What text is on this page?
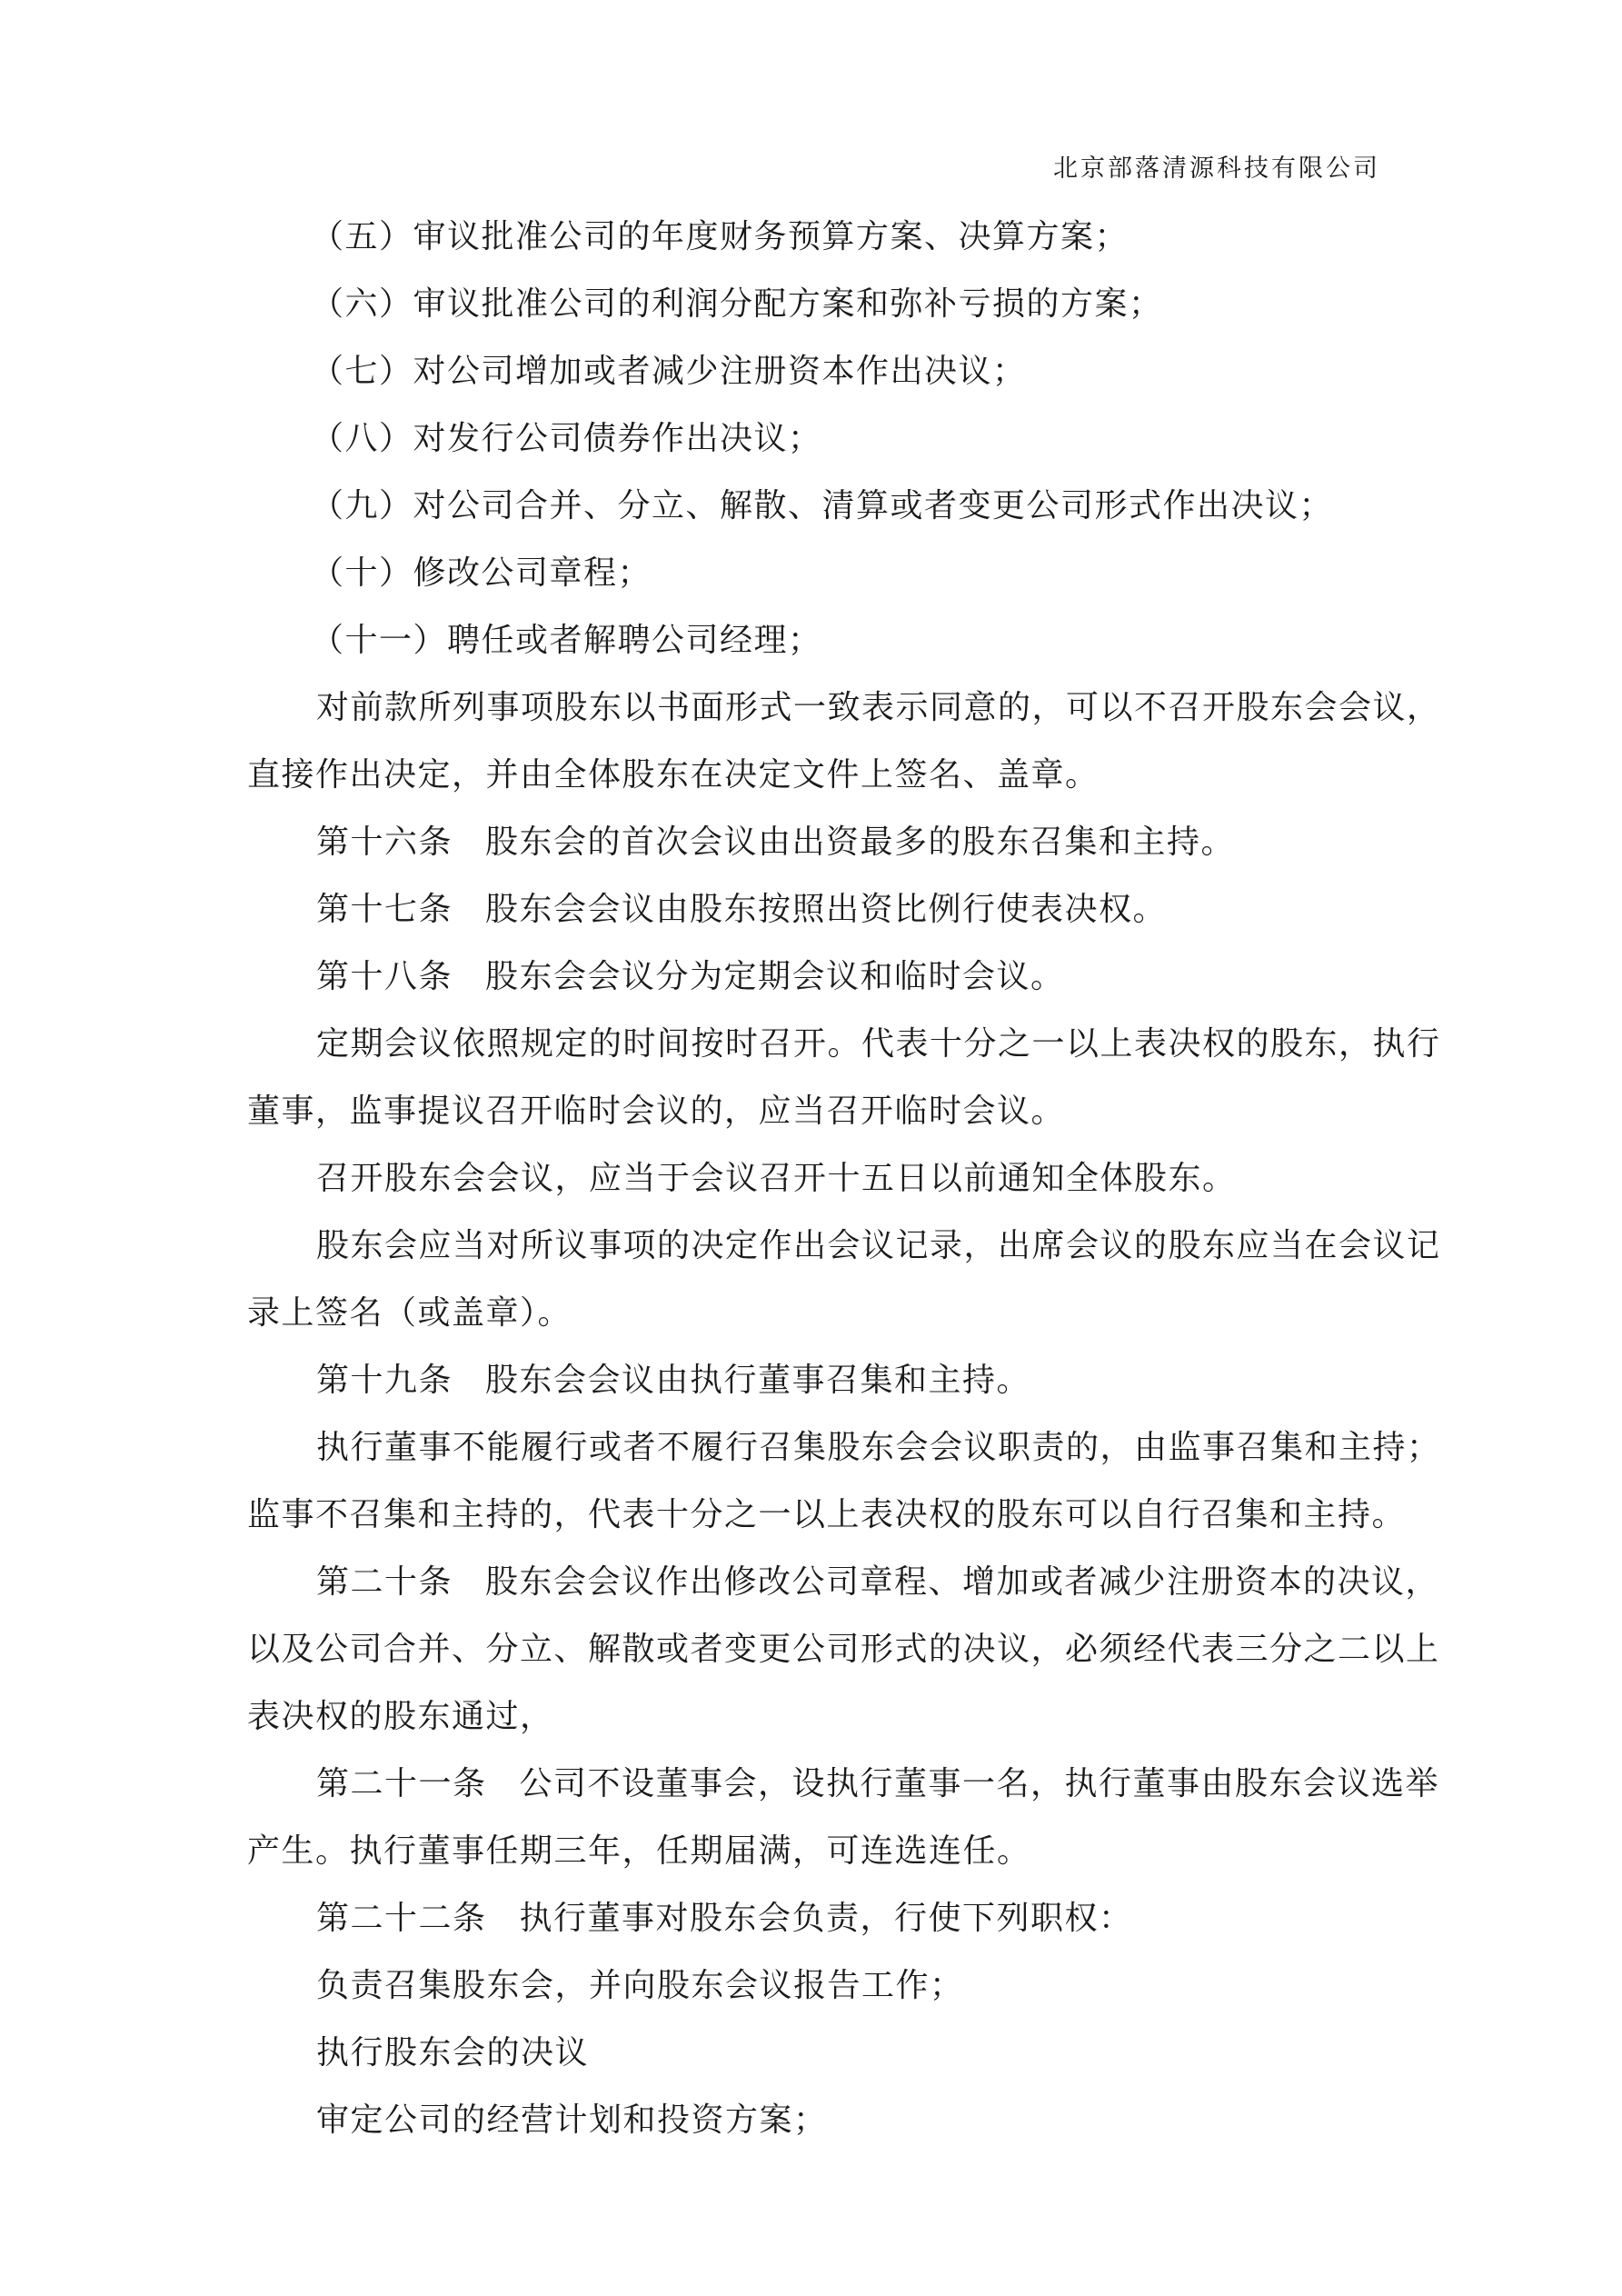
北京部落清源科技有限公司
（五）审议批准公司的年度财务预算方案、决算方案；
（六）审议批准公司的利润分配方案和弥补亏损的方案；
（七）对公司增加或者减少注册资本作出决议；
（八）对发行公司债券作出决议；
（九）对公司合并、分立、解散、清算或者变更公司形式作出决议；
（十）修改公司章程；
（十一）聘任或者解聘公司经理；
对前款所列事项股东以书面形式一致表示同意的，可以不召开股东会会议，
直接作出决定，并由全体股东在决定文件上签名、盖章。
第十六条 股东会的首次会议由出资最多的股东召集和主持。
第十七条 股东会会议由股东按照出资比例行使表决权。
第十八条 股东会会议分为定期会议和临时会议。
定期会议依照规定的时间按时召开。代表十分之一以上表决权的股东，执行
董事，监事提议召开临时会议的，应当召开临时会议。
召开股东会会议，应当于会议召开十五日以前通知全体股东。
股东会应当对所议事项的决定作出会议记录，出席会议的股东应当在会议记
录上签名（或盖章）。
第十九条 股东会会议由执行董事召集和主持。
执行董事不能履行或者不履行召集股东会会议职责的，由监事召集和主持；
监事不召集和主持的，代表十分之一以上表决权的股东可以自行召集和主持。
第二十条 股东会会议作出修改公司章程、增加或者减少注册资本的决议，
以及公司合并、分立、解散或者变更公司形式的决议，必须经代表三分之二以上
表决权的股东通过，
第二十一条 公司不设董事会，设执行董事一名，执行董事由股东会议选举
产生。执行董事任期三年，任期届满，可连选连任。
第二十二条 执行董事对股东会负责，行使下列职权：
负责召集股东会，并向股东会议报告工作；
执行股东会的决议
审定公司的经营计划和投资方案；
